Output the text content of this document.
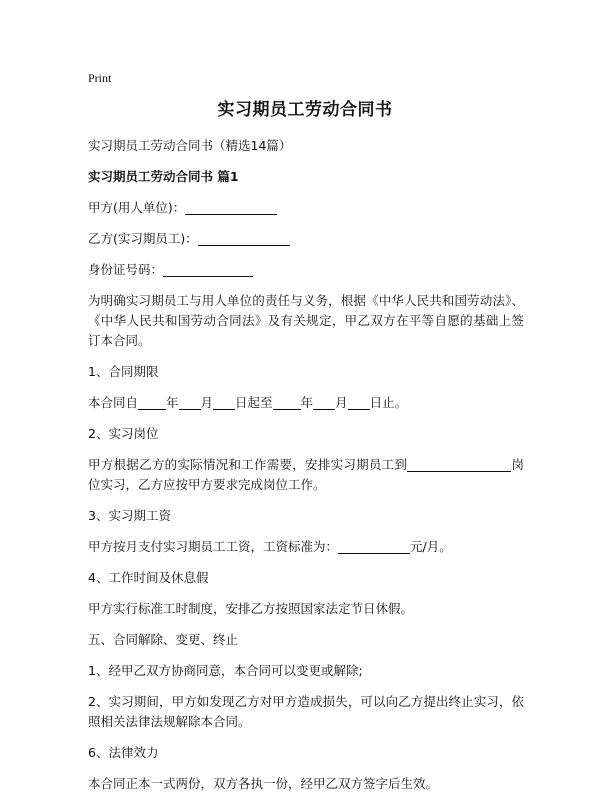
Print
实习期员工劳动合同书
实习期员工劳动合同书（精选14篇）
实习期员工劳动合同书 篇1
甲方(用人单位)：
乙方(实习期员工)：
身份证号码：
为明确实习期员工与用人单位的责任与义务，根据《中华人民共和国劳动法》、《中华人民共和国劳动合同法》及有关规定，甲乙双方在平等自愿的基础上签订本合同。
1、合同期限
本合同自 年 月 日起至 年 月 日止。
2、实习岗位
甲方根据乙方的实际情况和工作需要，安排实习期员工到	岗位实习，乙方应按甲方要求完成岗位工作。
3、实习期工资
甲方按月支付实习期员工工资，工资标准为：	元/月。
4、工作时间及休息假
甲方实行标准工时制度，安排乙方按照国家法定节日休假。
五、合同解除、变更、终止
1、经甲乙双方协商同意，本合同可以变更或解除;
2、实习期间，甲方如发现乙方对甲方造成损失，可以向乙方提出终止实习，依照相关法律法规解除本合同。
6、法律效力
本合同正本一式两份，双方各执一份，经甲乙双方签字后生效。
